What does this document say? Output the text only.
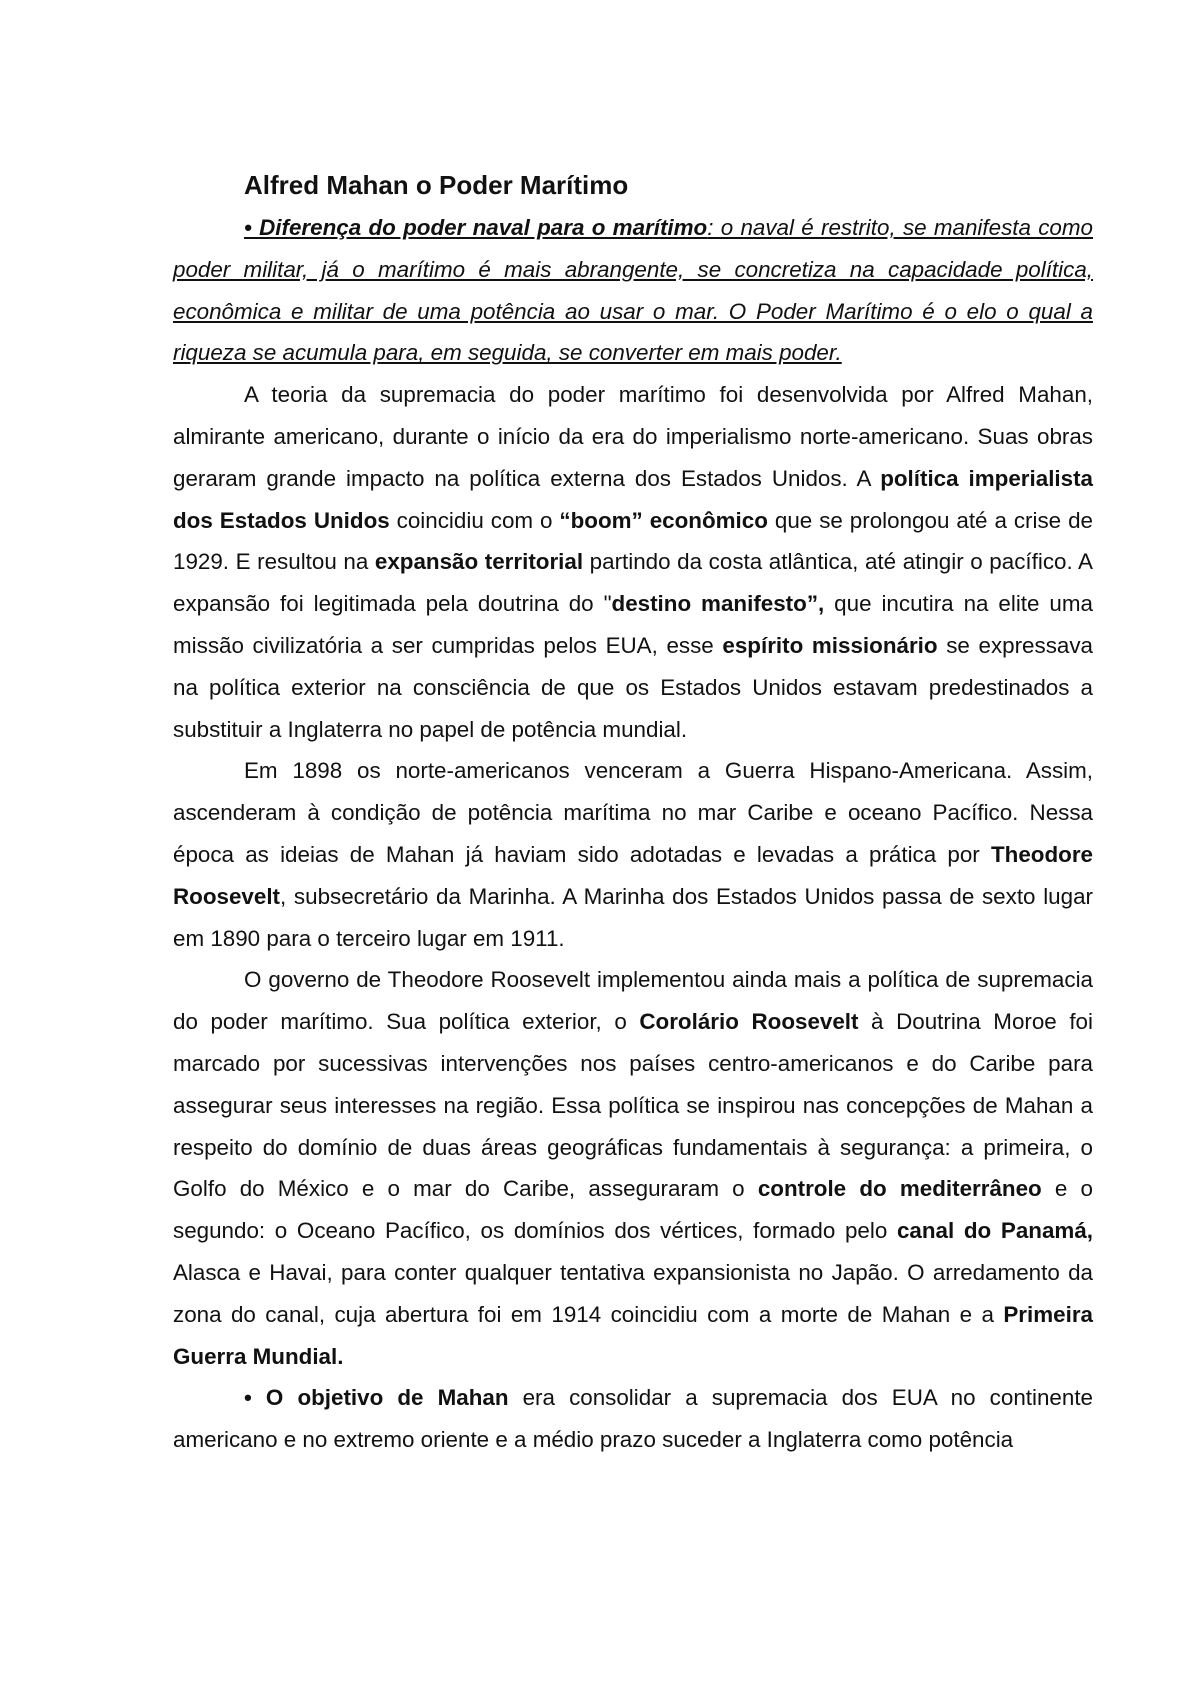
Alfred Mahan o Poder Marítimo

• Diferença do poder naval para o marítimo: o naval é restrito, se manifesta como poder militar, já o marítimo é mais abrangente, se concretiza na capacidade política, econômica e militar de uma potência ao usar o mar. O Poder Marítimo é o elo o qual a riqueza se acumula para, em seguida, se converter em mais poder.

A teoria da supremacia do poder marítimo foi desenvolvida por Alfred Mahan, almirante americano, durante o início da era do imperialismo norte-americano. Suas obras geraram grande impacto na política externa dos Estados Unidos. A política imperialista dos Estados Unidos coincidiu com o “boom” econômico que se prolongou até a crise de 1929. E resultou na expansão territorial partindo da costa atlântica, até atingir o pacífico. A expansão foi legitimada pela doutrina do "destino manifesto”, que incutira na elite uma missão civilizatória a ser cumpridas pelos EUA, esse espírito missionário se expressava na política exterior na consciência de que os Estados Unidos estavam predestinados a substituir a Inglaterra no papel de potência mundial.

Em 1898 os norte-americanos venceram a Guerra Hispano-Americana. Assim, ascenderam à condição de potência marítima no mar Caribe e oceano Pacífico. Nessa época as ideias de Mahan já haviam sido adotadas e levadas a prática por Theodore Roosevelt, subsecretário da Marinha. A Marinha dos Estados Unidos passa de sexto lugar em 1890 para o terceiro lugar em 1911.

O governo de Theodore Roosevelt implementou ainda mais a política de supremacia do poder marítimo. Sua política exterior, o Corolário Roosevelt à Doutrina Moroe foi marcado por sucessivas intervenções nos países centro-americanos e do Caribe para assegurar seus interesses na região. Essa política se inspirou nas concepções de Mahan a respeito do domínio de duas áreas geográficas fundamentais à segurança: a primeira, o Golfo do México e o mar do Caribe, asseguraram o controle do mediterrâneo e o segundo: o Oceano Pacífico, os domínios dos vértices, formado pelo canal do Panamá, Alasca e Havai, para conter qualquer tentativa expansionista no Japão. O arredamento da zona do canal, cuja abertura foi em 1914 coincidiu com a morte de Mahan e a Primeira Guerra Mundial.

• O objetivo de Mahan era consolidar a supremacia dos EUA no continente americano e no extremo oriente e a médio prazo suceder a Inglaterra como potência
